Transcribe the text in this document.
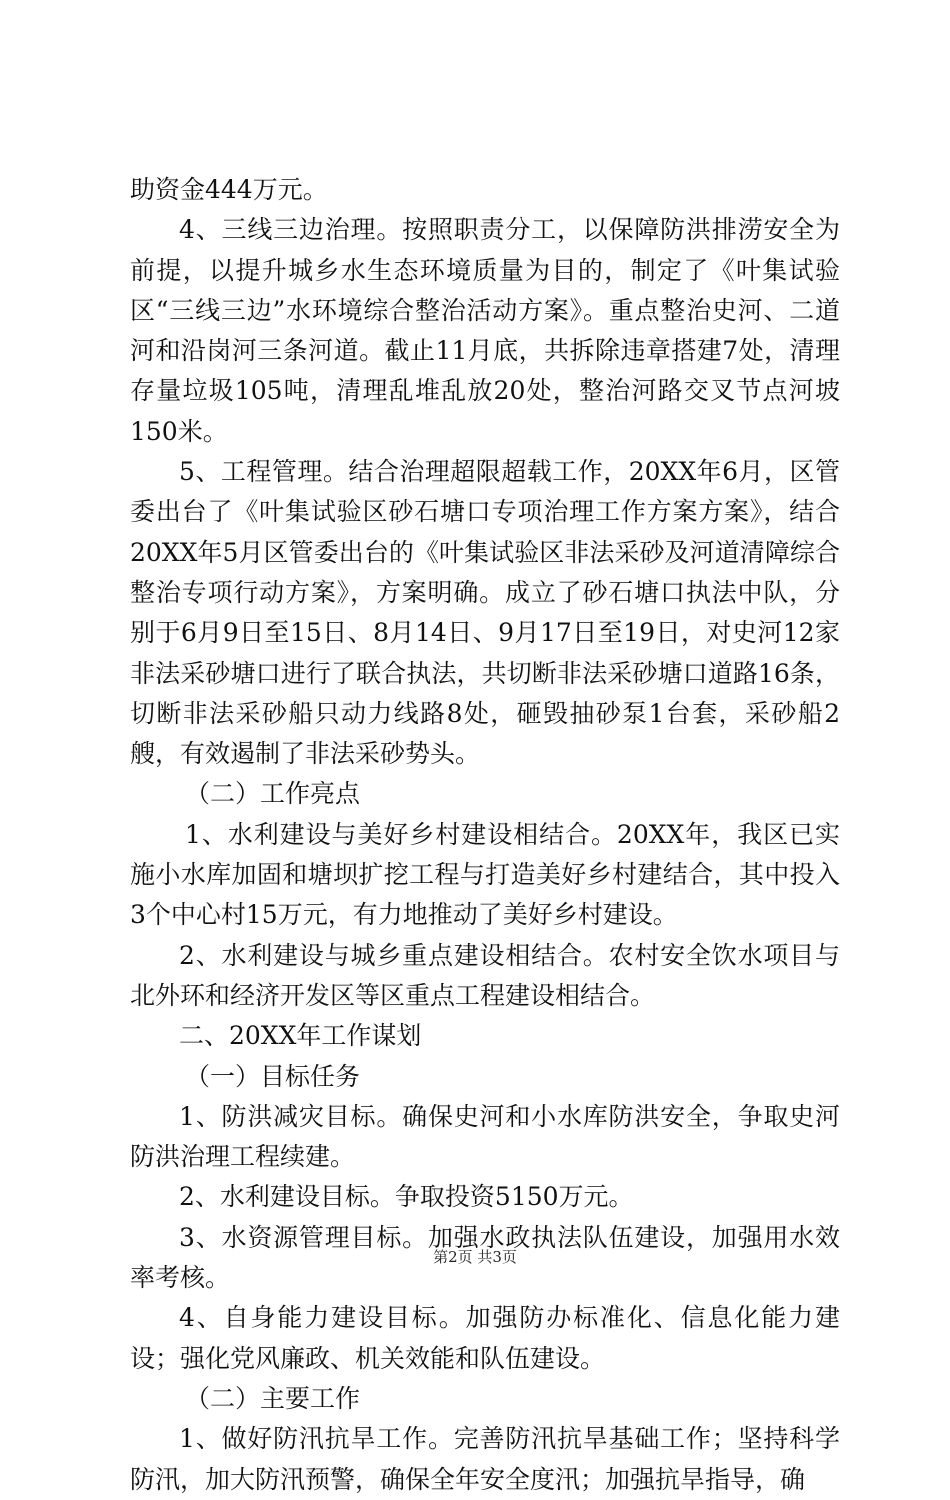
助资金444万元。

4、三线三边治理。按照职责分工，以保障防洪排涝安全为前提，以提升城乡水生态环境质量为目的，制定了《叶集试验区“三线三边”水环境综合整治活动方案》。重点整治史河、二道河和沿岗河三条河道。截止11月底，共拆除违章搭建7处，清理存量垃圾105吨，清理乱堆乱放20处，整治河路交叉节点河坡150米。

5、工程管理。结合治理超限超载工作，20XX年6月，区管委出台了《叶集试验区砂石塘口专项治理工作方案方案》，结合20XX年5月区管委出台的《叶集试验区非法采砂及河道清障综合整治专项行动方案》，方案明确。成立了砂石塘口执法中队，分别于6月9日至15日、8月14日、9月17日至19日，对史河12家非法采砂塘口进行了联合执法，共切断非法采砂塘口道路16条，切断非法采砂船只动力线路8处，砸毁抽砂泵1台套，采砂船2艘，有效遏制了非法采砂势头。

（二）工作亮点

1、水利建设与美好乡村建设相结合。20XX年，我区已实施小水库加固和塘坝扩挖工程与打造美好乡村建结合，其中投入3个中心村15万元，有力地推动了美好乡村建设。

2、水利建设与城乡重点建设相结合。农村安全饮水项目与北外环和经济开发区等区重点工程建设相结合。

二、20XX年工作谋划

（一）目标任务

1、防洪减灾目标。确保史河和小水库防洪安全，争取史河防洪治理工程续建。

2、水利建设目标。争取投资5150万元。

3、水资源管理目标。加强水政执法队伍建设，加强用水效率考核。

4、自身能力建设目标。加强防办标准化、信息化能力建设；强化党风廉政、机关效能和队伍建设。

（二）主要工作

1、做好防汛抗旱工作。完善防汛抗旱基础工作；坚持科学防汛，加大防汛预警，确保全年安全度汛；加强抗旱指导，确

第2页 共3页
